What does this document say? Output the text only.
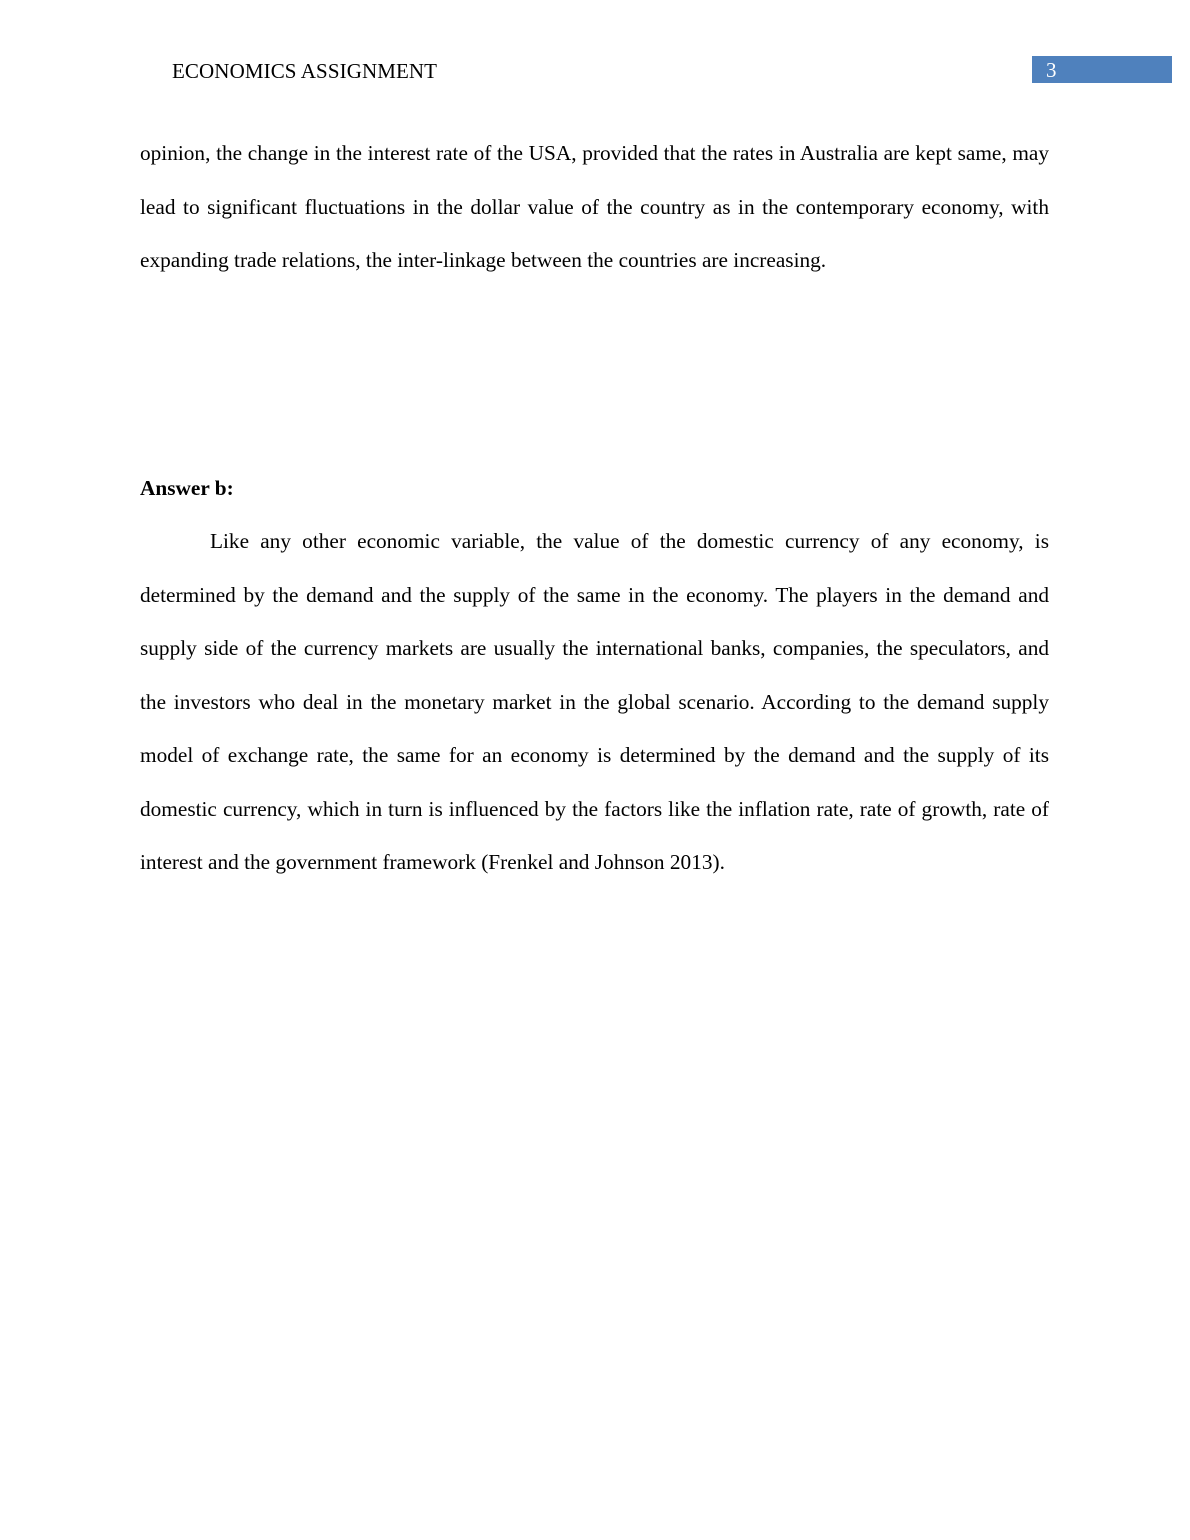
ECONOMICS ASSIGNMENT	3

opinion, the change in the interest rate of the USA, provided that the rates in Australia are kept same, may lead to significant fluctuations in the dollar value of the country as in the contemporary economy, with expanding trade relations, the inter-linkage between the countries are increasing.

Answer b:

Like any other economic variable, the value of the domestic currency of any economy, is determined by the demand and the supply of the same in the economy. The players in the demand and supply side of the currency markets are usually the international banks, companies, the speculators, and the investors who deal in the monetary market in the global scenario. According to the demand supply model of exchange rate, the same for an economy is determined by the demand and the supply of its domestic currency, which in turn is influenced by the factors like the inflation rate, rate of growth, rate of interest and the government framework (Frenkel and Johnson 2013).
